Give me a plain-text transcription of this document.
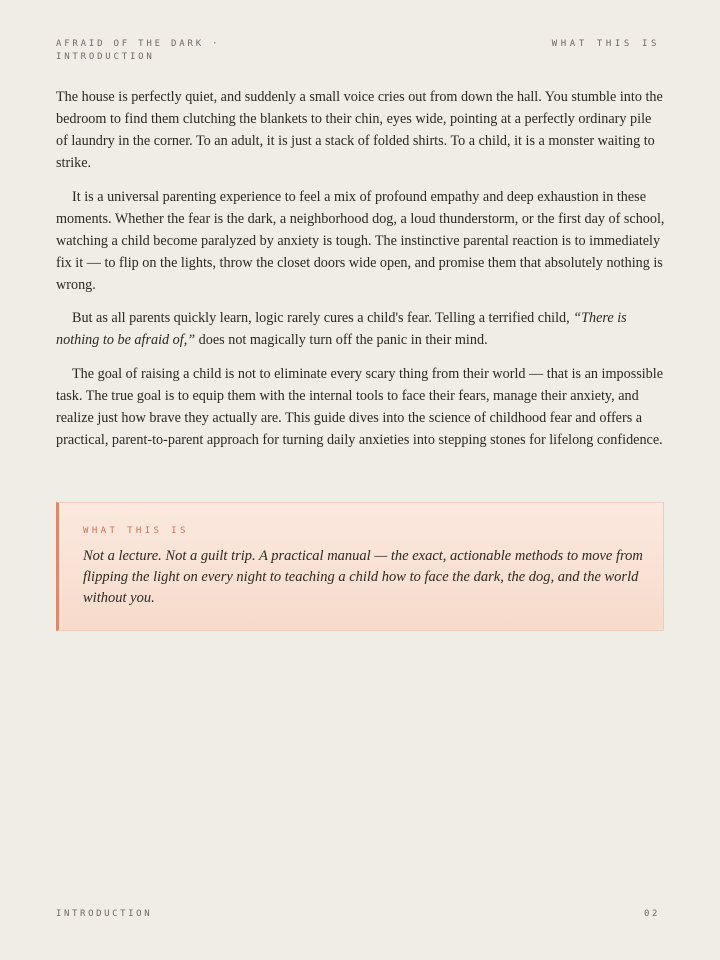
AFRAID OF THE DARK · INTRODUCTION
WHAT THIS IS

The house is perfectly quiet, and suddenly a small voice cries out from down the hall. You stumble into the bedroom to find them clutching the blankets to their chin, eyes wide, pointing at a perfectly ordinary pile of laundry in the corner. To an adult, it is just a stack of folded shirts. To a child, it is a monster waiting to strike.

It is a universal parenting experience to feel a mix of profound empathy and deep exhaustion in these moments. Whether the fear is the dark, a neighborhood dog, a loud thunderstorm, or the first day of school, watching a child become paralyzed by anxiety is tough. The instinctive parental reaction is to immediately fix it — to flip on the lights, throw the closet doors wide open, and promise them that absolutely nothing is wrong.

But as all parents quickly learn, logic rarely cures a child's fear. Telling a terrified child, “There is nothing to be afraid of,” does not magically turn off the panic in their mind.

The goal of raising a child is not to eliminate every scary thing from their world — that is an impossible task. The true goal is to equip them with the internal tools to face their fears, manage their anxiety, and realize just how brave they actually are. This guide dives into the science of childhood fear and offers a practical, parent-to-parent approach for turning daily anxieties into stepping stones for lifelong confidence.

WHAT THIS IS
Not a lecture. Not a guilt trip. A practical manual — the exact, actionable methods to move from flipping the light on every night to teaching a child how to face the dark, the dog, and the world without you.
INTRODUCTION	02
